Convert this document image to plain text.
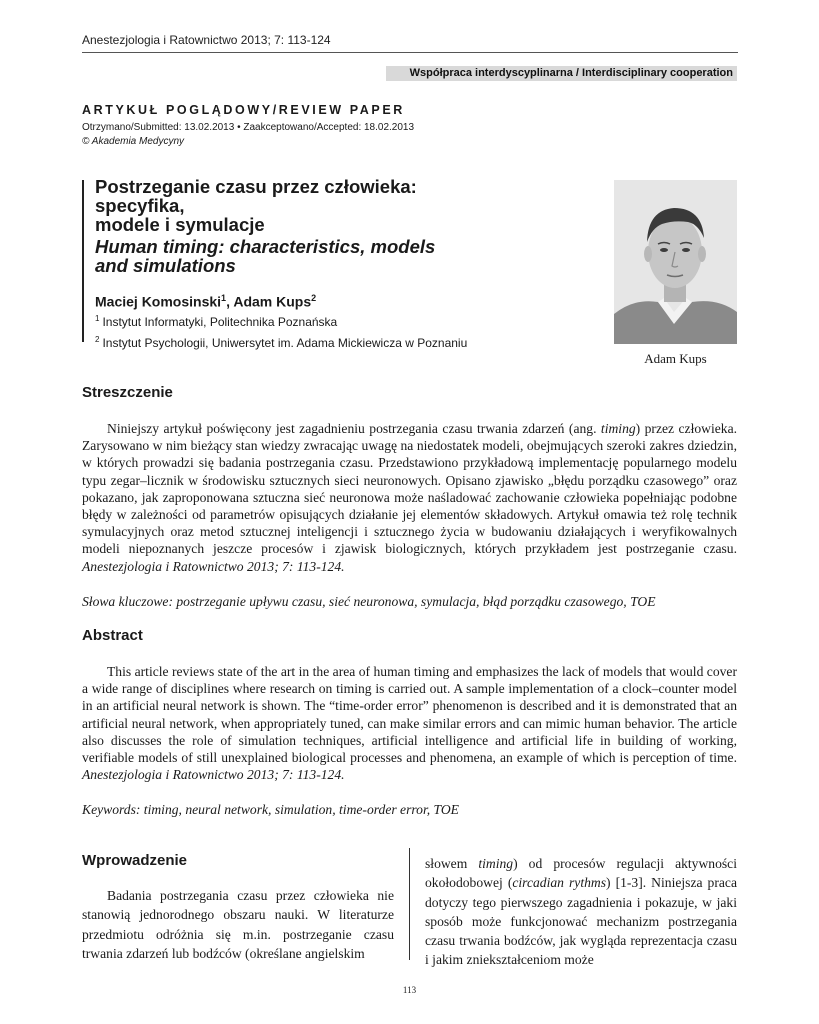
Anestezjologia i Ratownictwo 2013; 7: 113-124
Współpraca interdyscyplinarna / Interdisciplinary cooperation
ARTYKUŁ POGLĄDOWY/REVIEW PAPER
Otrzymano/Submitted: 13.02.2013 • Zaakceptowano/Accepted: 18.02.2013
© Akademia Medycyny
Postrzeganie czasu przez człowieka: specyfika,
modele i symulacje
Human timing: characteristics, models
and simulations
Maciej Komosinski$^1$, Adam Kups$^2$
$^1$ Instytut Informatyki, Politechnika Poznańska
$^2$ Instytut Psychologii, Uniwersytet im. Adama Mickiewicza w Poznaniu
Adam Kups
Streszczenie
Niniejszy artykuł poświęcony jest zagadnieniu postrzegania czasu trwania zdarzeń (ang. timing) przez człowieka. Zarysowano w nim bieżący stan wiedzy zwracając uwagę na niedostatek modeli, obejmujących szeroki zakres dziedzin, w których prowadzi się badania postrzegania czasu. Przedstawiono przykładową implementację popularnego modelu typu zegar–licznik w środowisku sztucznych sieci neuronowych. Opisano zjawisko „błędu porządku czasowego” oraz pokazano, jak zaproponowana sztuczna sieć neuronowa może naśladować zachowanie człowieka popełniając podobne błędy w zależności od parametrów opisujących działanie jej elementów składowych. Artykuł omawia też rolę technik symulacyjnych oraz metod sztucznej inteligencji i sztucznego życia w budowaniu działających i weryfikowalnych modeli niepoznanych jeszcze procesów i zjawisk biologicznych, których przykładem jest postrzeganie czasu. Anestezjologia i Ratownictwo 2013; 7: 113-124.
Słowa kluczowe: postrzeganie upływu czasu, sieć neuronowa, symulacja, błąd porządku czasowego, TOE
Abstract
This article reviews state of the art in the area of human timing and emphasizes the lack of models that would cover a wide range of disciplines where research on timing is carried out. A sample implementation of a clock–counter model in an artificial neural network is shown. The “time-order error” phenomenon is described and it is demonstrated that an artificial neural network, when appropriately tuned, can make similar errors and can mimic human behavior. The article also discusses the role of simulation techniques, artificial intelligence and artificial life in building of working, verifiable models of still unexplained biological processes and phenomena, an example of which is perception of time. Anestezjologia i Ratownictwo 2013; 7: 113-124.
Keywords: timing, neural network, simulation, time-order error, TOE
Wprowadzenie
Badania postrzegania czasu przez człowieka nie stanowią jednorodnego obszaru nauki. W literaturze przedmiotu odróżnia się m.in. postrzeganie czasu trwania zdarzeń lub bodźców (określane angielskim
słowem timing) od procesów regulacji aktywności okołodobowej (circadian rythms) [1-3]. Niniejsza praca dotyczy tego pierwszego zagadnienia i pokazuje, w jaki sposób może funkcjonować mechanizm postrzegania czasu trwania bodźców, jak wygląda reprezentacja czasu i jakim zniekształceniom może
113
